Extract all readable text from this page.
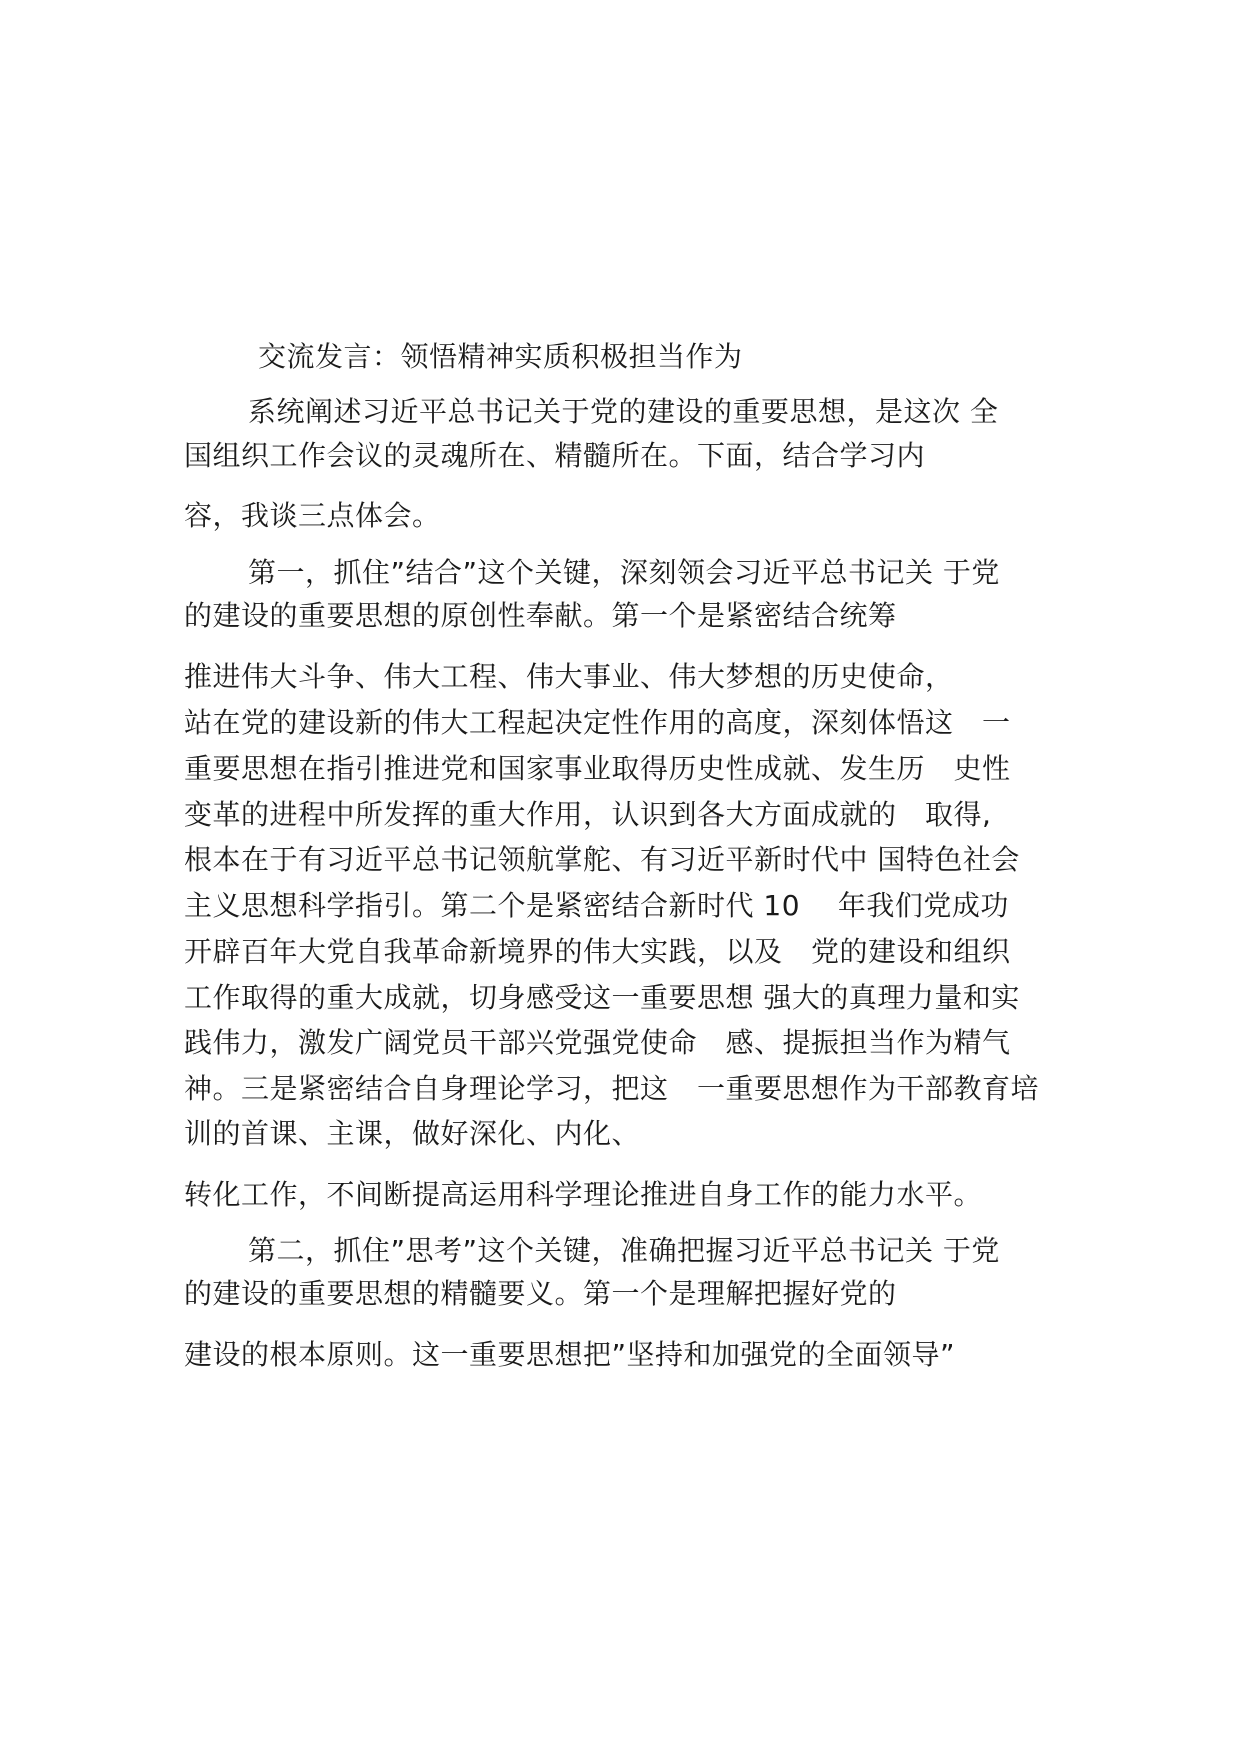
交流发言：领悟精神实质积极担当作为
系统阐述习近平总书记关于党的建设的重要思想，是这次 全
国组织工作会议的灵魂所在、精髓所在。下面，结合学习内
容，我谈三点体会。
第一，抓住”结合”这个关键，深刻领会习近平总书记关 于党
的建设的重要思想的原创性奉献。第一个是紧密结合统筹
推进伟大斗争、伟大工程、伟大事业、伟大梦想的历史使命，
站在党的建设新的伟大工程起决定性作用的高度，深刻体悟这　一
重要思想在指引推进党和国家事业取得历史性成就、发生历　史性
变革的进程中所发挥的重大作用，认识到各大方面成就的　取得,
根本在于有习近平总书记领航掌舵、有习近平新时代中 国特色社会
主义思想科学指引。第二个是紧密结合新时代 10　 年我们党成功
开辟百年大党自我革命新境界的伟大实践，以及　党的建设和组织
工作取得的重大成就，切身感受这一重要思想 强大的真理力量和实
践伟力，激发广阔党员干部兴党强党使命　感、提振担当作为精气
神。三是紧密结合自身理论学习，把这　一重要思想作为干部教育培
训的首课、主课，做好深化、内化、
转化工作，不间断提高运用科学理论推进自身工作的能力水平。
第二，抓住”思考”这个关键，准确把握习近平总书记关 于党
的建设的重要思想的精髓要义。第一个是理解把握好党的
建设的根本原则。这一重要思想把”坚持和加强党的全面领导”
